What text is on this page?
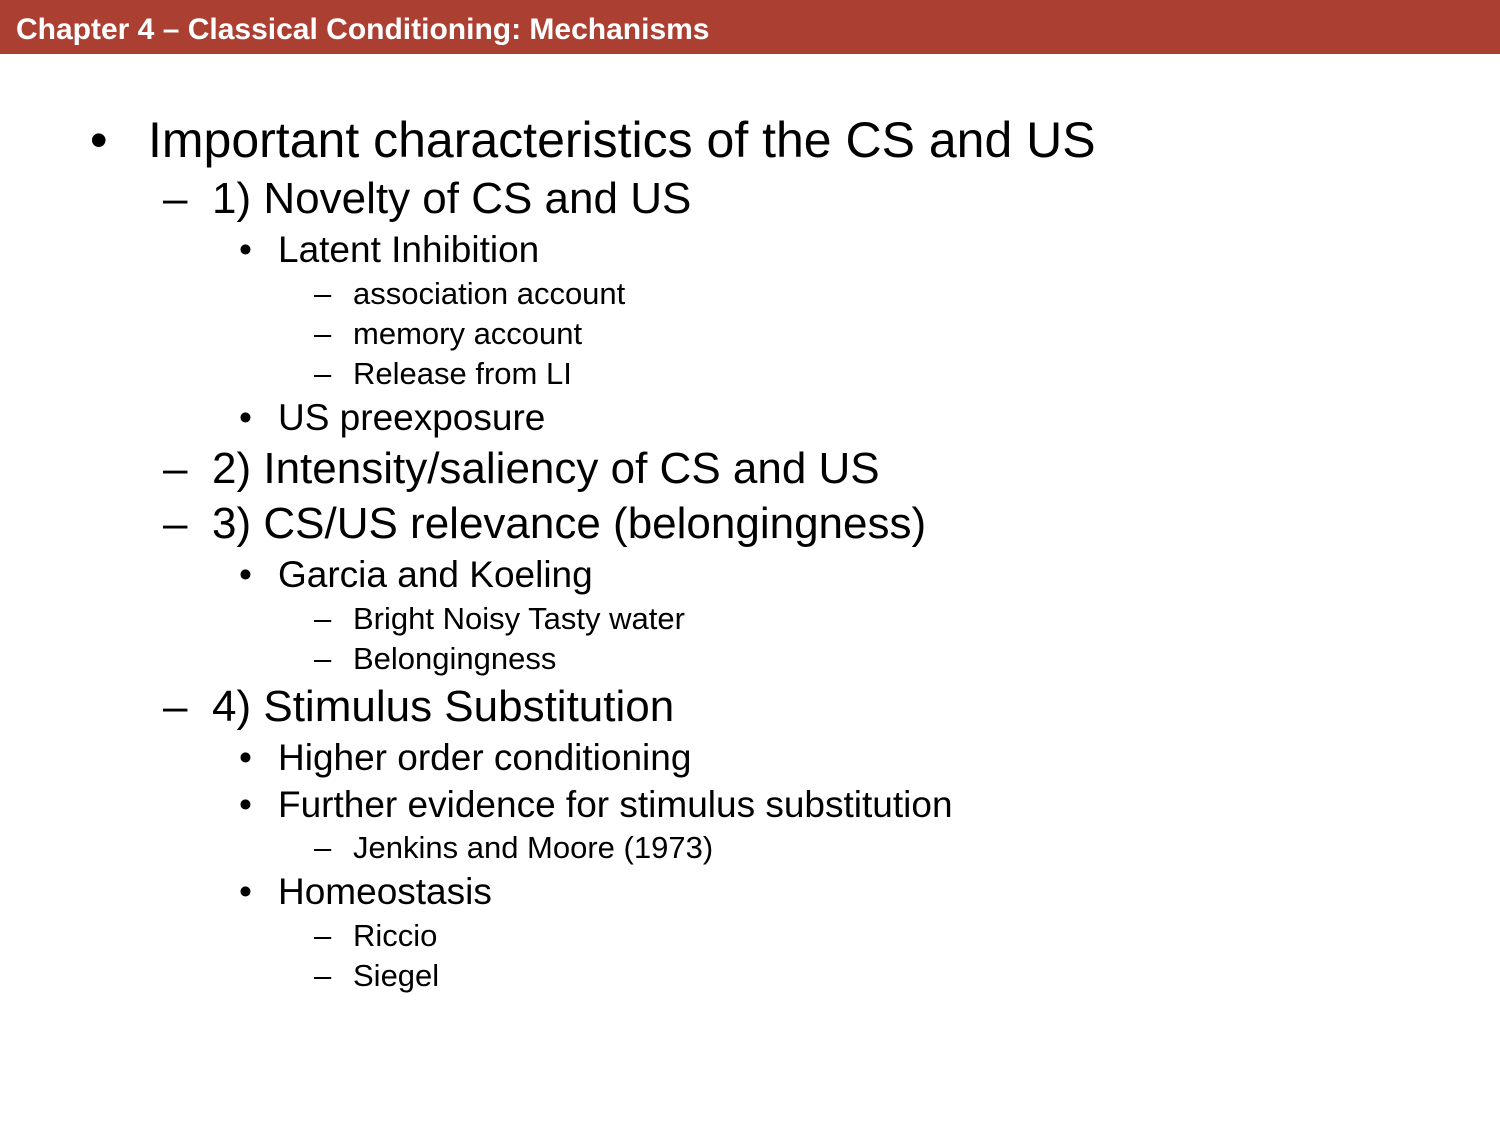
Chapter 4 – Classical Conditioning: Mechanisms
• Important characteristics of the CS and US
– 1) Novelty of CS and US
• Latent Inhibition
– association account
– memory account
– Release from LI
• US preexposure
– 2) Intensity/saliency of CS and US
– 3) CS/US relevance (belongingness)
• Garcia and Koeling
– Bright Noisy Tasty water
– Belongingness
– 4) Stimulus Substitution
• Higher order conditioning
• Further evidence for stimulus substitution
– Jenkins and Moore (1973)
• Homeostasis
– Riccio
– Siegel
